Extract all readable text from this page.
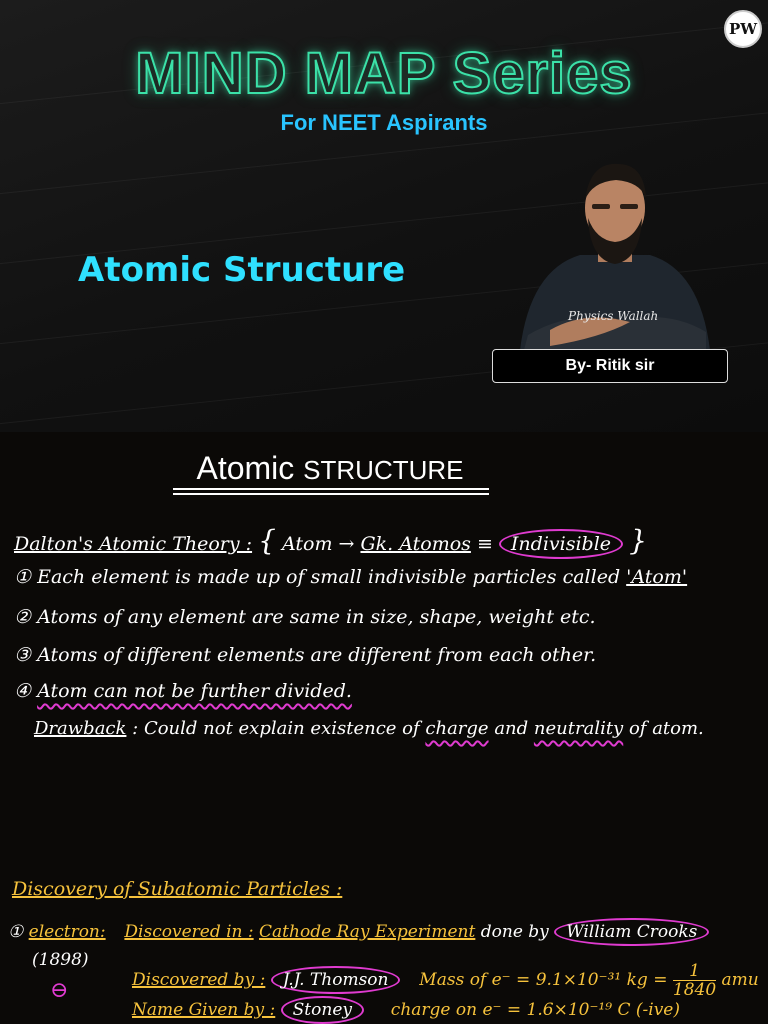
PW
MIND MAP Series
For NEET Aspirants
Atomic Structure
Physics Wallah
By- Ritik sir
Atomic STRUCTURE
Dalton's Atomic Theory : { Atom → Gk. Atomos ≡ Indivisible }
① Each element is made up of small indivisible particles called 'Atom'
② Atoms of any element are same in size, shape, weight etc.
③ Atoms of different elements are different from each other.
④ Atom can not be further divided.
Drawback : Could not explain existence of charge and neutrality of atom.
Discovery of Subatomic Particles :
① electron: Discovered in : Cathode Ray Experiment done by William Crooks
(1898)
Discovered by : J.J. Thomson Mass of e⁻ = 9.1×10⁻³¹ kg = $\frac{1}{1840}$ amu
⊖
Name Given by : Stoney charge on e⁻ = 1.6×10⁻¹⁹ C (-ive)
